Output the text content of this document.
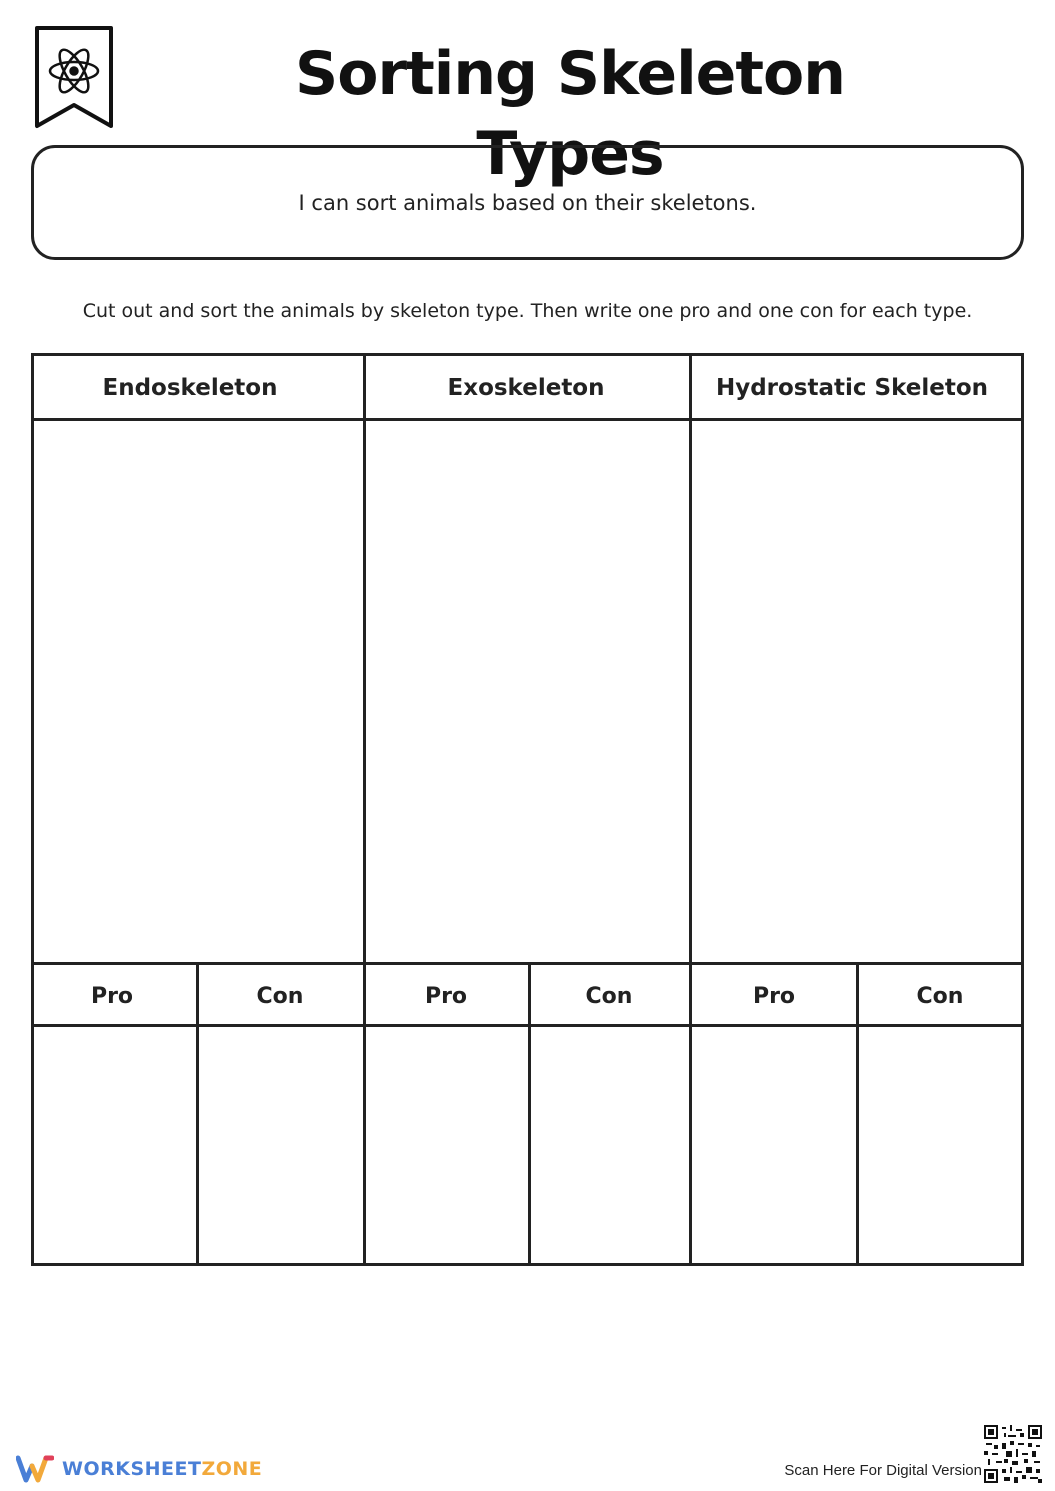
Sorting Skeleton Types
I can sort animals based on their skeletons.
Cut out and sort the animals by skeleton type. Then write one pro and one con for each type.
Endoskeleton	Exoskeleton	Hydrostatic Skeleton
Pro	Con	Pro	Con	Pro	Con
WORKSHEETZONE	Scan Here For Digital Version
